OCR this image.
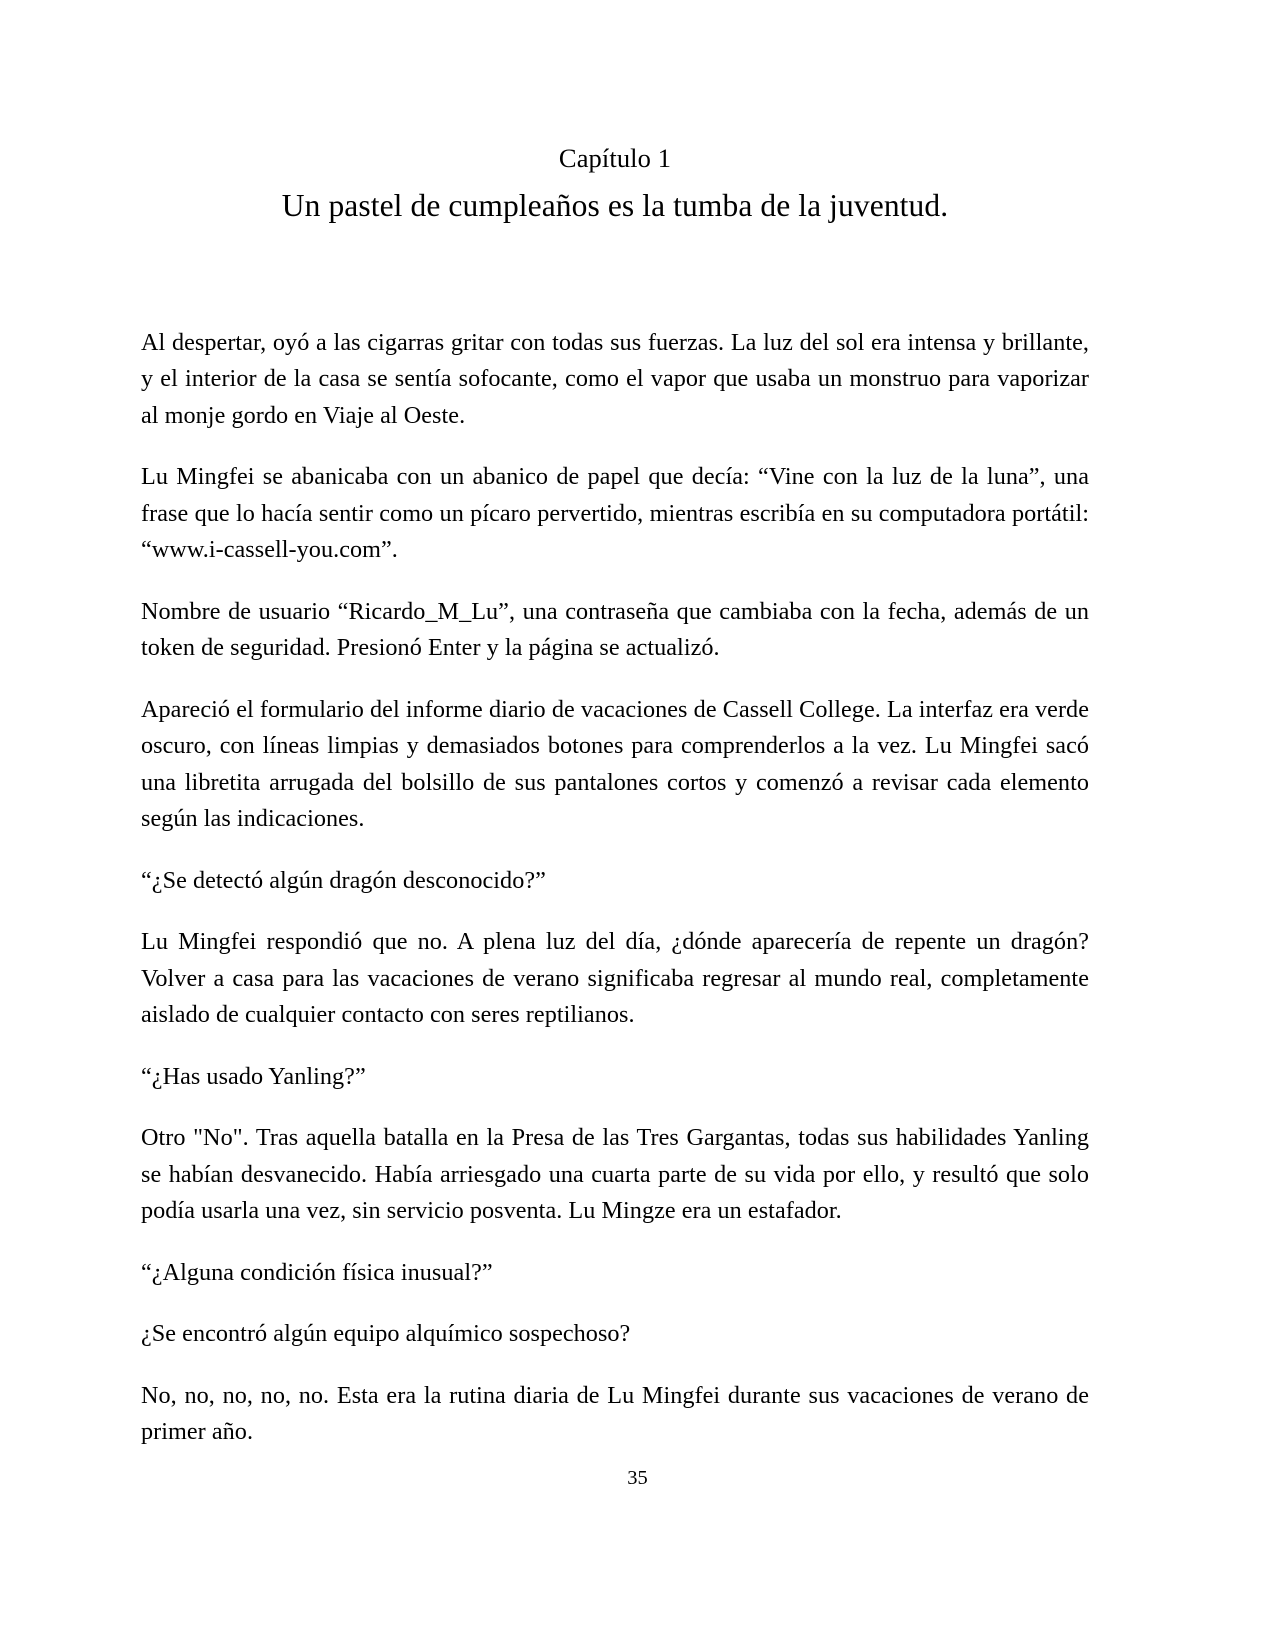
Capítulo 1
Un pastel de cumpleaños es la tumba de la juventud.

Al despertar, oyó a las cigarras gritar con todas sus fuerzas. La luz del sol era intensa y brillante, y el interior de la casa se sentía sofocante, como el vapor que usaba un monstruo para vaporizar al monje gordo en Viaje al Oeste.

Lu Mingfei se abanicaba con un abanico de papel que decía: “Vine con la luz de la luna”, una frase que lo hacía sentir como un pícaro pervertido, mientras escribía en su computadora portátil: “www.i-cassell-you.com”.

Nombre de usuario “Ricardo_M_Lu”, una contraseña que cambiaba con la fecha, además de un token de seguridad. Presionó Enter y la página se actualizó.

Apareció el formulario del informe diario de vacaciones de Cassell College. La interfaz era verde oscuro, con líneas limpias y demasiados botones para comprenderlos a la vez. Lu Mingfei sacó una libretita arrugada del bolsillo de sus pantalones cortos y comenzó a revisar cada elemento según las indicaciones.

“¿Se detectó algún dragón desconocido?”

Lu Mingfei respondió que no. A plena luz del día, ¿dónde aparecería de repente un dragón? Volver a casa para las vacaciones de verano significaba regresar al mundo real, completamente aislado de cualquier contacto con seres reptilianos.

“¿Has usado Yanling?”

Otro "No". Tras aquella batalla en la Presa de las Tres Gargantas, todas sus habilidades Yanling se habían desvanecido. Había arriesgado una cuarta parte de su vida por ello, y resultó que solo podía usarla una vez, sin servicio posventa. Lu Mingze era un estafador.

“¿Alguna condición física inusual?”

¿Se encontró algún equipo alquímico sospechoso?

No, no, no, no, no. Esta era la rutina diaria de Lu Mingfei durante sus vacaciones de verano de primer año.

35
